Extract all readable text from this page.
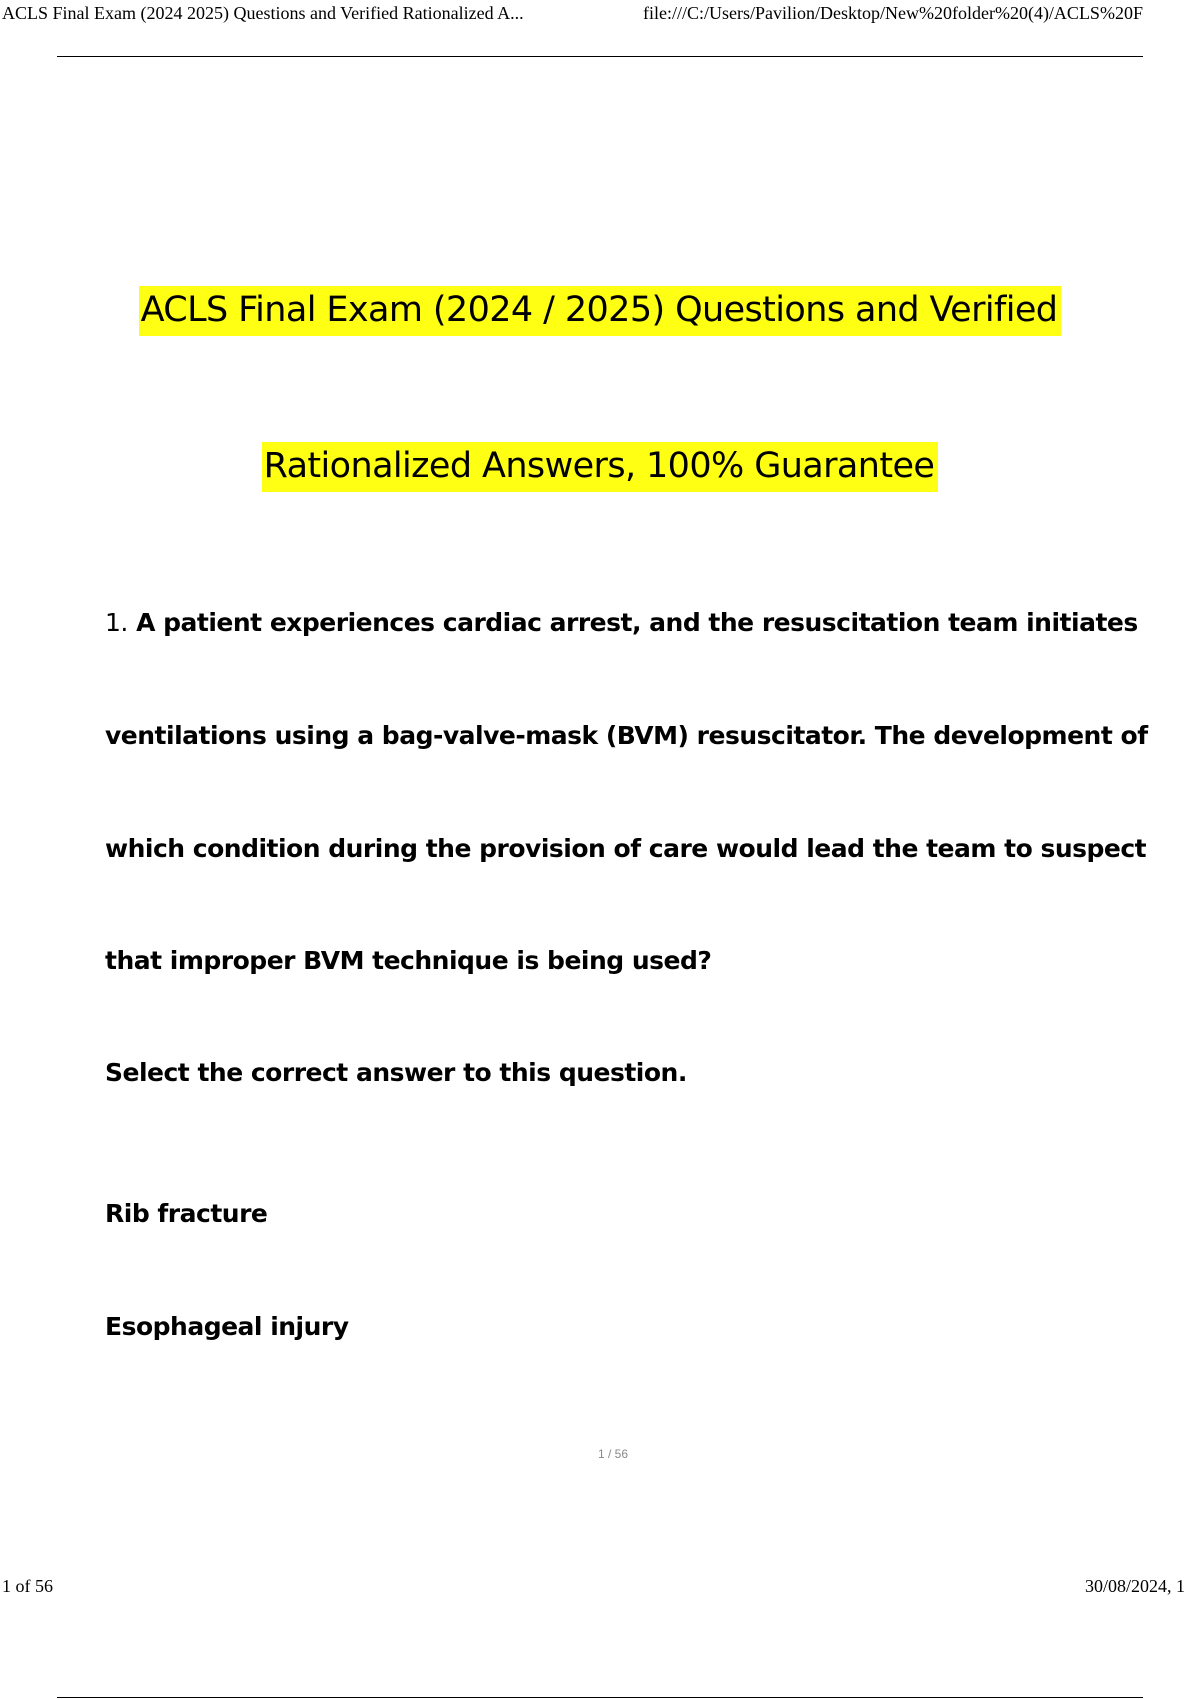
ACLS Final Exam (2024 2025) Questions and Verified Rationalized A...	file:///C:/Users/Pavilion/Desktop/New%20folder%20(4)/ACLS%20F
ACLS Final Exam (2024 / 2025) Questions and Verified
Rationalized Answers, 100% Guarantee
1. A patient experiences cardiac arrest, and the resuscitation team initiates
ventilations using a bag-valve-mask (BVM) resuscitator. The development of
which condition during the provision of care would lead the team to suspect
that improper BVM technique is being used?
Select the correct answer to this question.
Rib fracture
Esophageal injury
1 / 56
1 of 56	30/08/2024, 1
